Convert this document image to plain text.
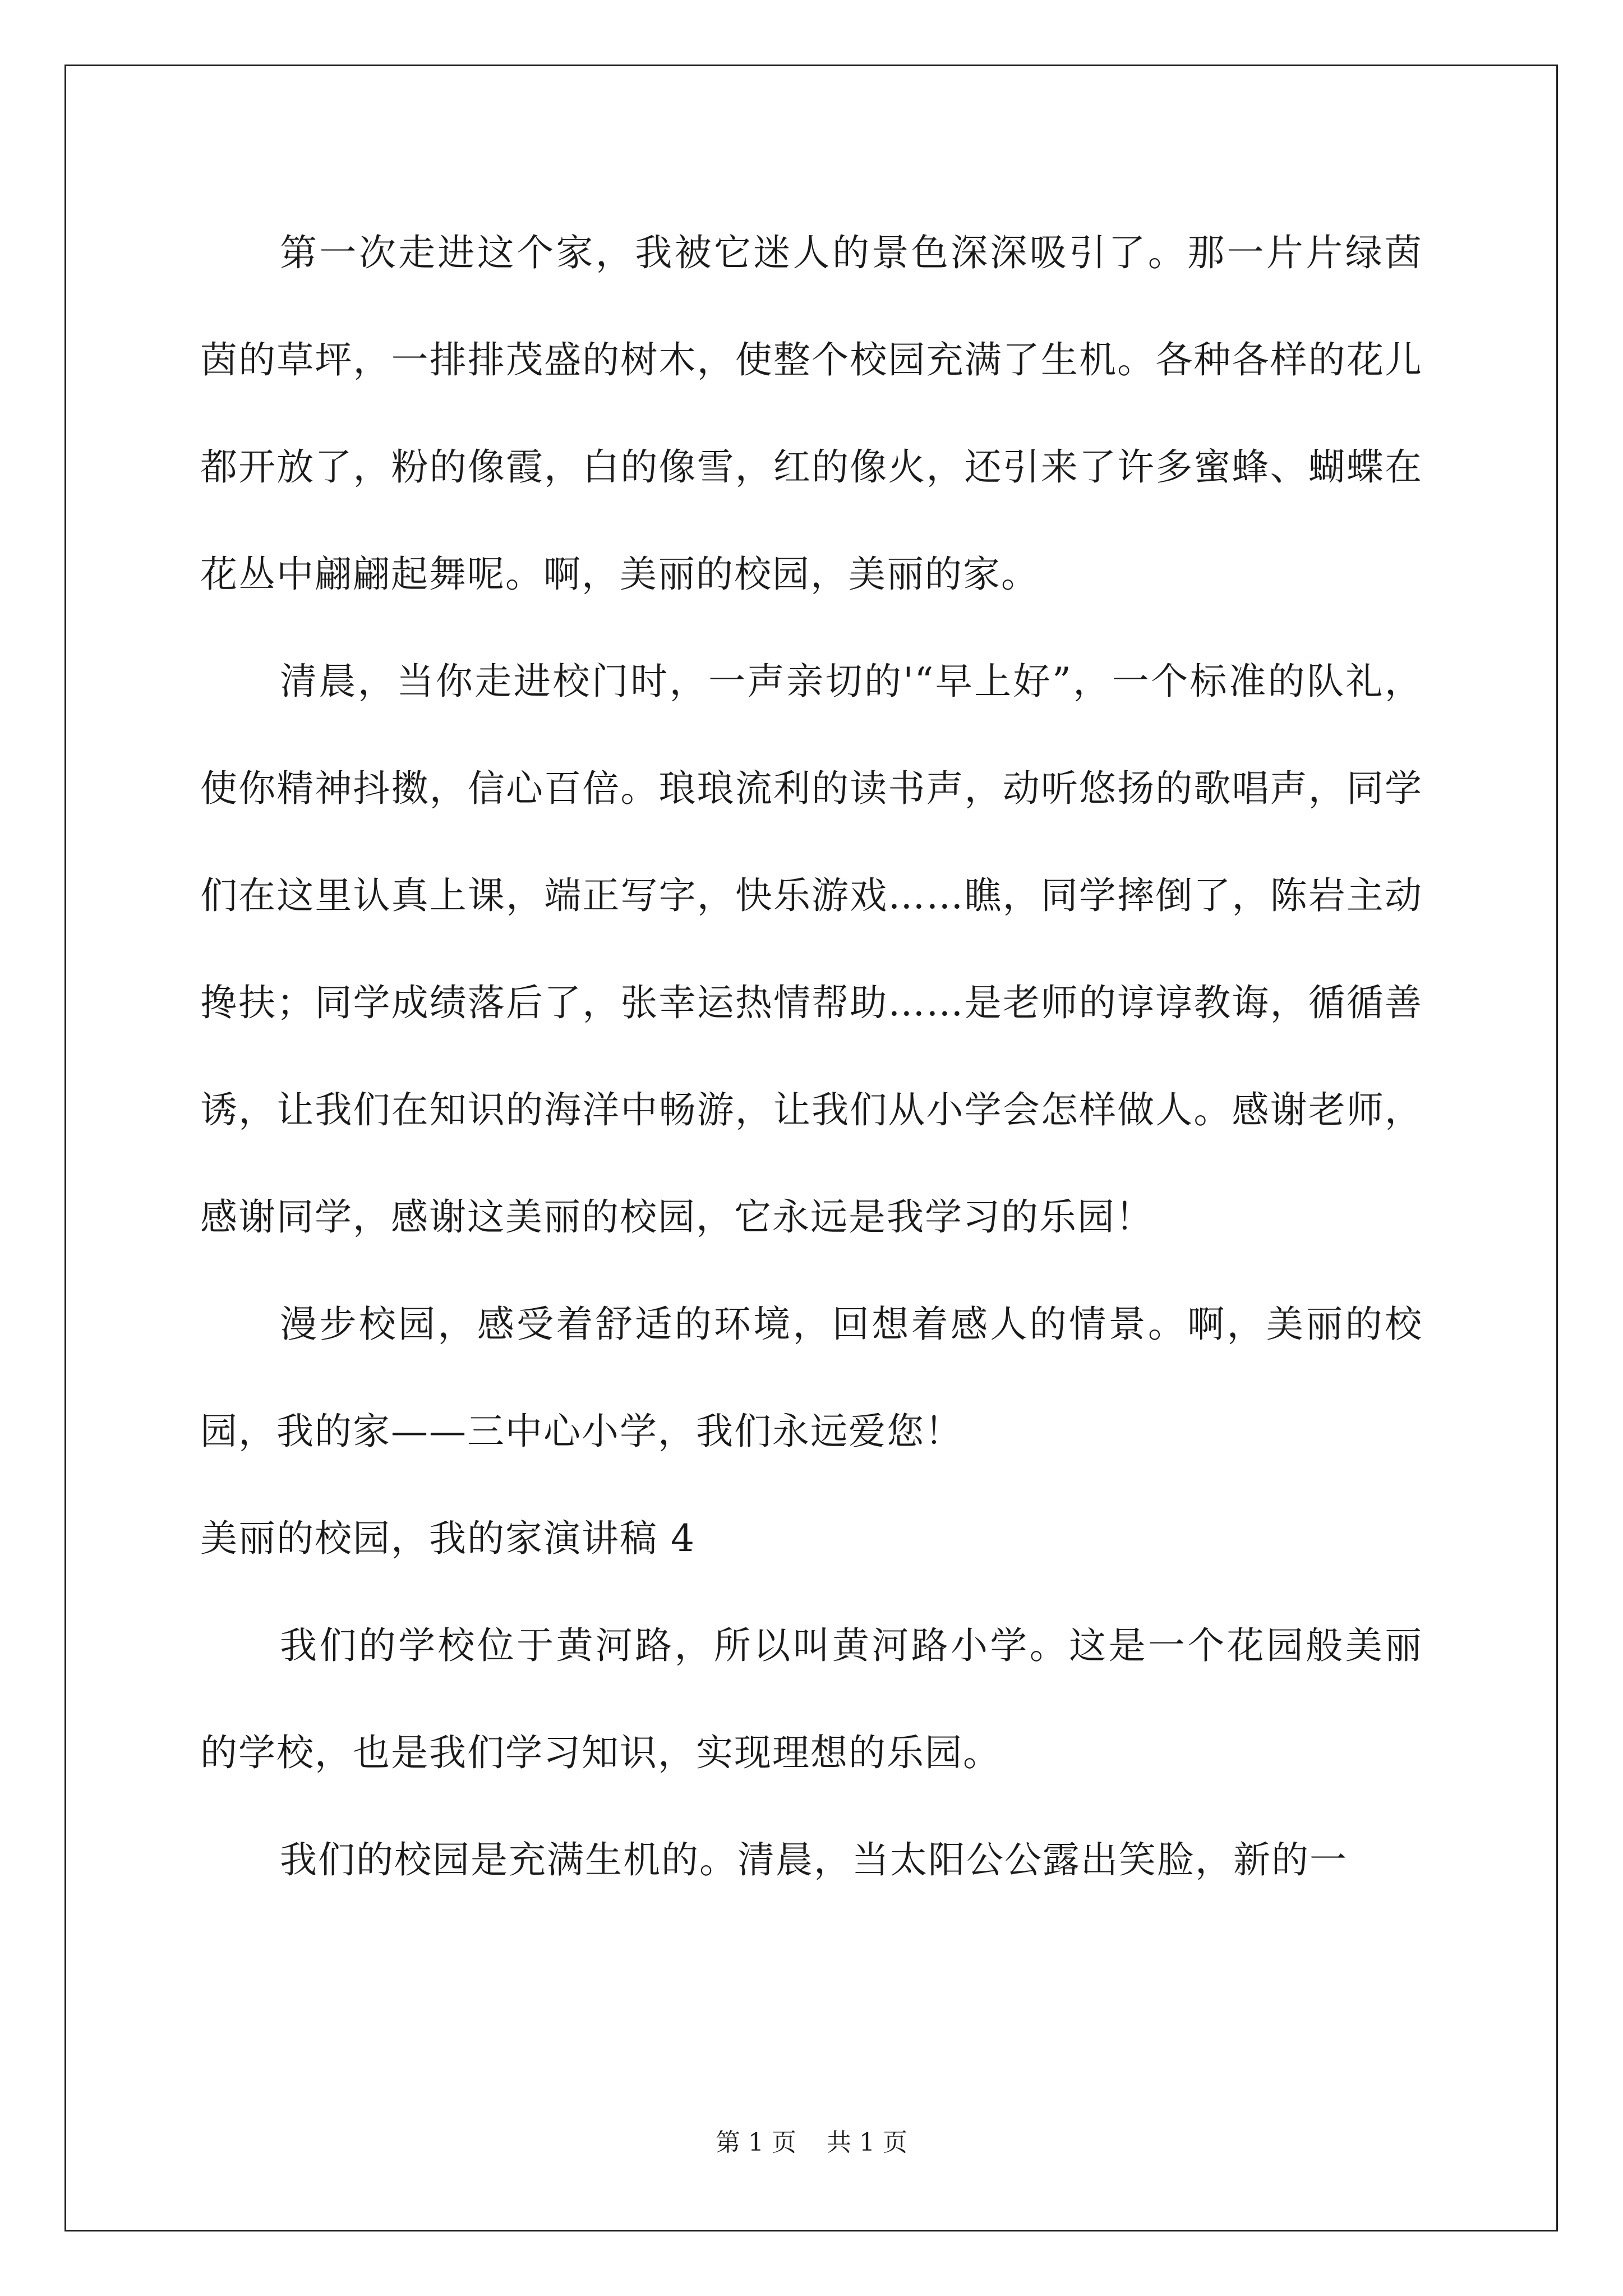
第一次走进这个家，我被它迷人的景色深深吸引了。那一片片绿茵茵的草坪，一排排茂盛的树木，使整个校园充满了生机。各种各样的花儿都开放了，粉的像霞，白的像雪，红的像火，还引来了许多蜜蜂、蝴蝶在花丛中翩翩起舞呢。啊，美丽的校园，美丽的家。

清晨，当你走进校门时，一声亲切的'“早上好”，一个标准的队礼，使你精神抖擞，信心百倍。琅琅流利的读书声，动听悠扬的歌唱声，同学们在这里认真上课，端正写字，快乐游戏……瞧，同学摔倒了，陈岩主动搀扶；同学成绩落后了，张幸运热情帮助……是老师的谆谆教诲，循循善诱，让我们在知识的海洋中畅游，让我们从小学会怎样做人。感谢老师，感谢同学，感谢这美丽的校园，它永远是我学习的乐园！

漫步校园，感受着舒适的环境，回想着感人的情景。啊，美丽的校园，我的家——三中心小学，我们永远爱您！

美丽的校园，我的家演讲稿 4

我们的学校位于黄河路，所以叫黄河路小学。这是一个花园般美丽的学校，也是我们学习知识，实现理想的乐园。

我们的校园是充满生机的。清晨，当太阳公公露出笑脸，新的一

第 1 页 共 1 页
